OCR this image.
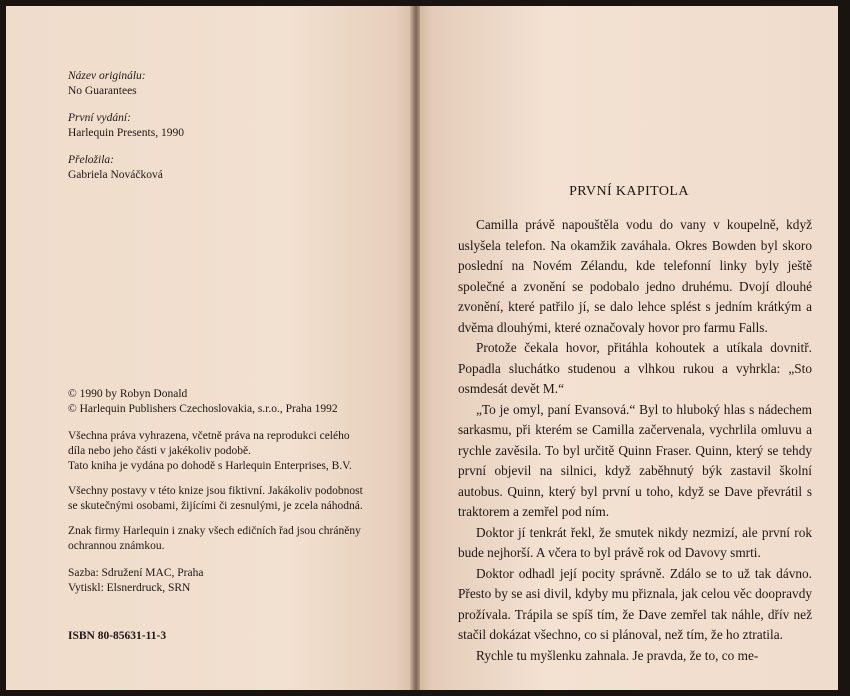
Název originálu:
No Guarantees
První vydání:
Harlequin Presents, 1990
Přeložila:
Gabriela Nováčková
© 1990 by Robyn Donald
© Harlequin Publishers Czechoslovakia, s.r.o., Praha 1992
Všechna práva vyhrazena, včetně práva na reprodukci celého
díla nebo jeho části v jakékoliv podobě.
Tato kniha je vydána po dohodě s Harlequin Enterprises, B.V.
Všechny postavy v této knize jsou fiktivní. Jakákoliv podobnost
se skutečnými osobami, žijícími či zesnulými, je zcela náhodná.
Znak firmy Harlequin i znaky všech edičních řad jsou chráněny
ochrannou známkou.
Sazba: Sdružení MAC, Praha
Vytiskl: Elsnerdruck, SRN
ISBN 80-85631-11-3
PRVNÍ KAPITOLA

Camilla právě napouštěla vodu do vany v koupelně, když uslyšela telefon. Na okamžik zaváhala. Okres Bowden byl skoro poslední na Novém Zélandu, kde telefonní linky byly ještě společné a zvonění se podobalo jedno druhému. Dvojí dlouhé zvonění, které patřilo jí, se dalo lehce splést s jedním krátkým a dvěma dlouhými, které označovaly hovor pro farmu Falls.

Protože čekala hovor, přitáhla kohoutek a utíkala dovnitř. Popadla sluchátko studenou a vlhkou rukou a vyhrkla: „Sto osmdesát devět M.“

„To je omyl, paní Evansová.“ Byl to hluboký hlas s nádechem sarkasmu, při kterém se Camilla začervenala, vychrlila omluvu a rychle zavěsila. To byl určitě Quinn Fraser. Quinn, který se tehdy první objevil na silnici, když zaběhnutý býk zastavil školní autobus. Quinn, který byl první u toho, když se Dave převrátil s traktorem a zemřel pod ním.

Doktor jí tenkrát řekl, že smutek nikdy nezmizí, ale první rok bude nejhorší. A včera to byl právě rok od Davovy smrti.

Doktor odhadl její pocity správně. Zdálo se to už tak dávno. Přesto by se asi divil, kdyby mu přiznala, jak celou věc doopravdy prožívala. Trápila se spíš tím, že Dave zemřel tak náhle, dřív než stačil dokázat všechno, co si plánoval, než tím, že ho ztratila.

Rychle tu myšlenku zahnala. Je pravda, že to, co me-
